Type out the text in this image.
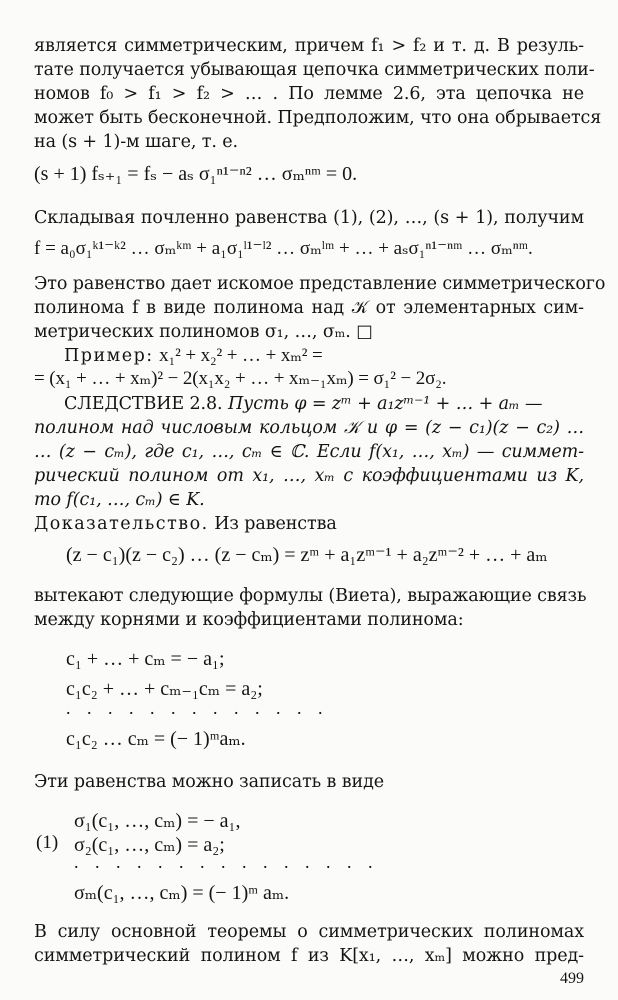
является симметрическим, причем f₁ > f₂ и т. д. В резуль-
тате получается убывающая цепочка симметрических поли-
номов f₀ > f₁ > f₂ > … . По лемме 2.6, эта цепочка не
может быть бесконечной. Предположим, что она обрывается
на (s + 1)-м шаге, т. е.
(s + 1) fₛ₊₁ = fₛ − aₛ σ₁ⁿ¹⁻ⁿ² … σₘⁿᵐ = 0.
Складывая почленно равенства (1), (2), …, (s + 1), получим
f = a₀σ₁ᵏ¹⁻ᵏ² … σₘᵏᵐ + a₁σ₁ˡ¹⁻ˡ² … σₘˡᵐ + … + aₛσ₁ⁿ¹⁻ⁿᵐ … σₘⁿᵐ.
Это равенство дает искомое представление симметрического
полинома f в виде полинома над 𝒦 от элементарных сим-
метрических полиномов σ₁, …, σₘ. □
Пример: x₁² + x₂² + … + xₘ² =
= (x₁ + … + xₘ)² − 2(x₁x₂ + … + xₘ₋₁xₘ) = σ₁² − 2σ₂.
СЛЕДСТВИЕ 2.8. Пусть φ = zᵐ + a₁zᵐ⁻¹ + … + aₘ —
полином над числовым кольцом 𝒦 и φ = (z − c₁)(z − c₂) …
… (z − cₘ), где c₁, …, cₘ ∈ ℂ. Если f(x₁, …, xₘ) — симмет-
рический полином от x₁, …, xₘ с коэффициентами из K,
то f(c₁, …, cₘ) ∈ K.
Доказательство. Из равенства
(z − c₁)(z − c₂) … (z − cₘ) = zᵐ + a₁zᵐ⁻¹ + a₂zᵐ⁻² + … + aₘ
вытекают следующие формулы (Виета), выражающие связь
между корнями и коэффициентами полинома:
c₁ + … + cₘ = − a₁;
c₁c₂ + … + cₘ₋₁cₘ = a₂;
. . . . . . . . . . . . .
c₁c₂ … cₘ = (− 1)ᵐaₘ.
Эти равенства можно записать в виде
σ₁(c₁, …, cₘ) = − a₁,
(1) σ₂(c₁, …, cₘ) = a₂;
. . . . . . . . . . . . . . .
σₘ(c₁, …, cₘ) = (− 1)ᵐ aₘ.
В силу основной теоремы о симметрических полиномах
симметрический полином f из K[x₁, …, xₘ] можно пред-
499
